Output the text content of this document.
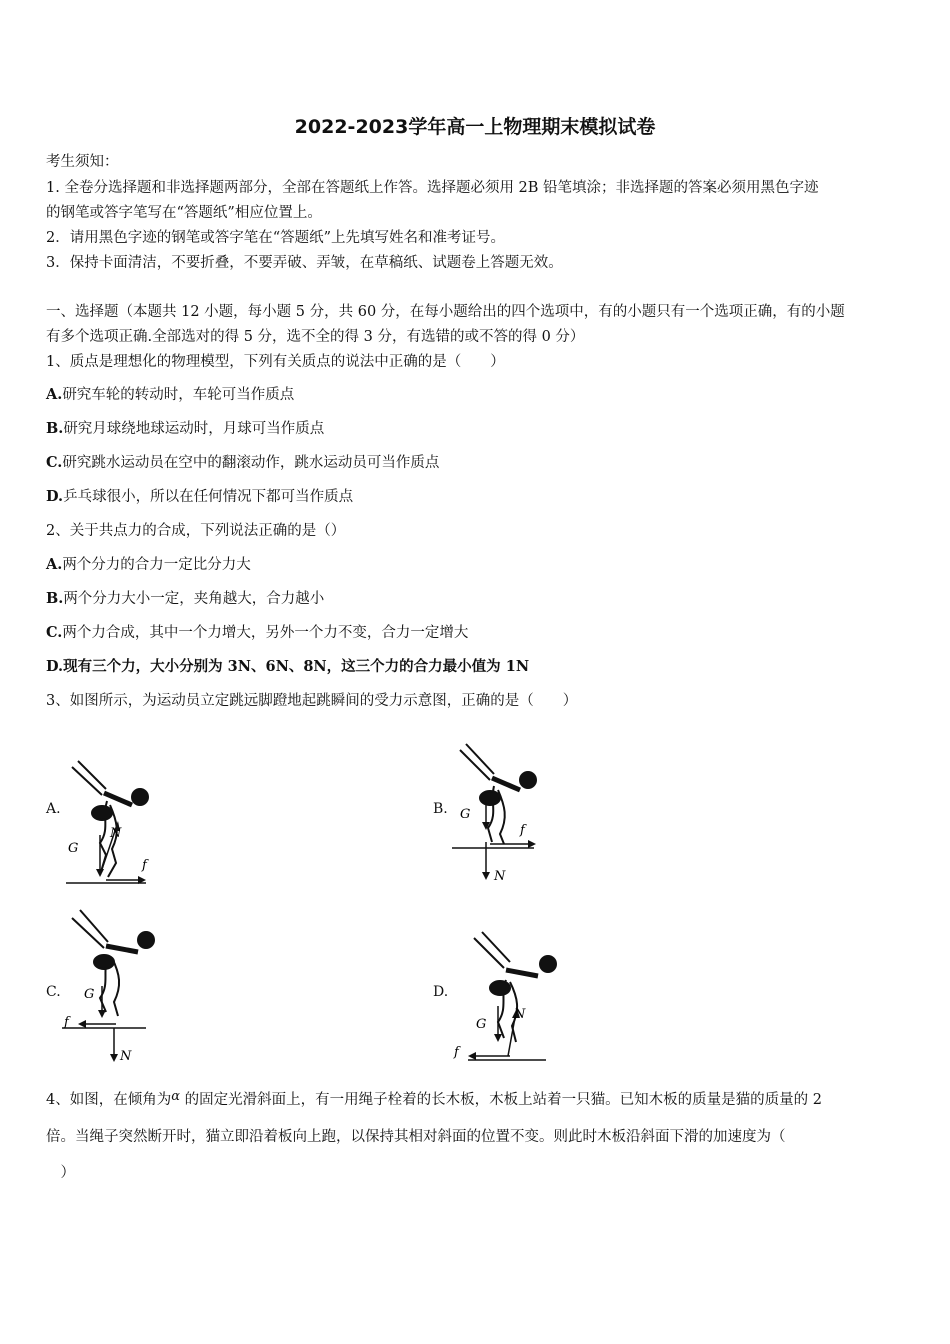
2022-2023学年高一上物理期末模拟试卷
考生须知：
1. 全卷分选择题和非选择题两部分，全部在答题纸上作答。选择题必须用 2B 铅笔填涂；非选择题的答案必须用黑色字迹
的钢笔或答字笔写在“答题纸”相应位置上。
2．请用黑色字迹的钢笔或答字笔在“答题纸”上先填写姓名和准考证号。
3．保持卡面清洁，不要折叠，不要弄破、弄皱，在草稿纸、试题卷上答题无效。
一、选择题（本题共 12 小题，每小题 5 分，共 60 分，在每小题给出的四个选项中，有的小题只有一个选项正确，有的小题
有多个选项正确.全部选对的得 5 分，选不全的得 3 分，有选错的或不答的得 0 分）
1、质点是理想化的物理模型，下列有关质点的说法中正确的是（　　）
A.研究车轮的转动时，车轮可当作质点
B.研究月球绕地球运动时，月球可当作质点
C.研究跳水运动员在空中的翻滚动作，跳水运动员可当作质点
D.乒乓球很小，所以在任何情况下都可当作质点
2、关于共点力的合成，下列说法正确的是（）
A.两个分力的合力一定比分力大
B.两个分力大小一定，夹角越大，合力越小
C.两个力合成，其中一个力增大，另外一个力不变，合力一定增大
D.现有三个力，大小分别为 3N、6N、8N，这三个力的合力最小值为 1N
3、如图所示，为运动员立定跳远脚蹬地起跳瞬间的受力示意图，正确的是（　　）
A.
G
N
f
B. G
N
f
C. G
N
f
D.
G
N
f
4、如图，在倾角为α 的固定光滑斜面上，有一用绳子栓着的长木板，木板上站着一只猫。已知木板的质量是猫的质量的 2
倍。当绳子突然断开时，猫立即沿着板向上跑，以保持其相对斜面的位置不变。则此时木板沿斜面下滑的加速度为（
　）
